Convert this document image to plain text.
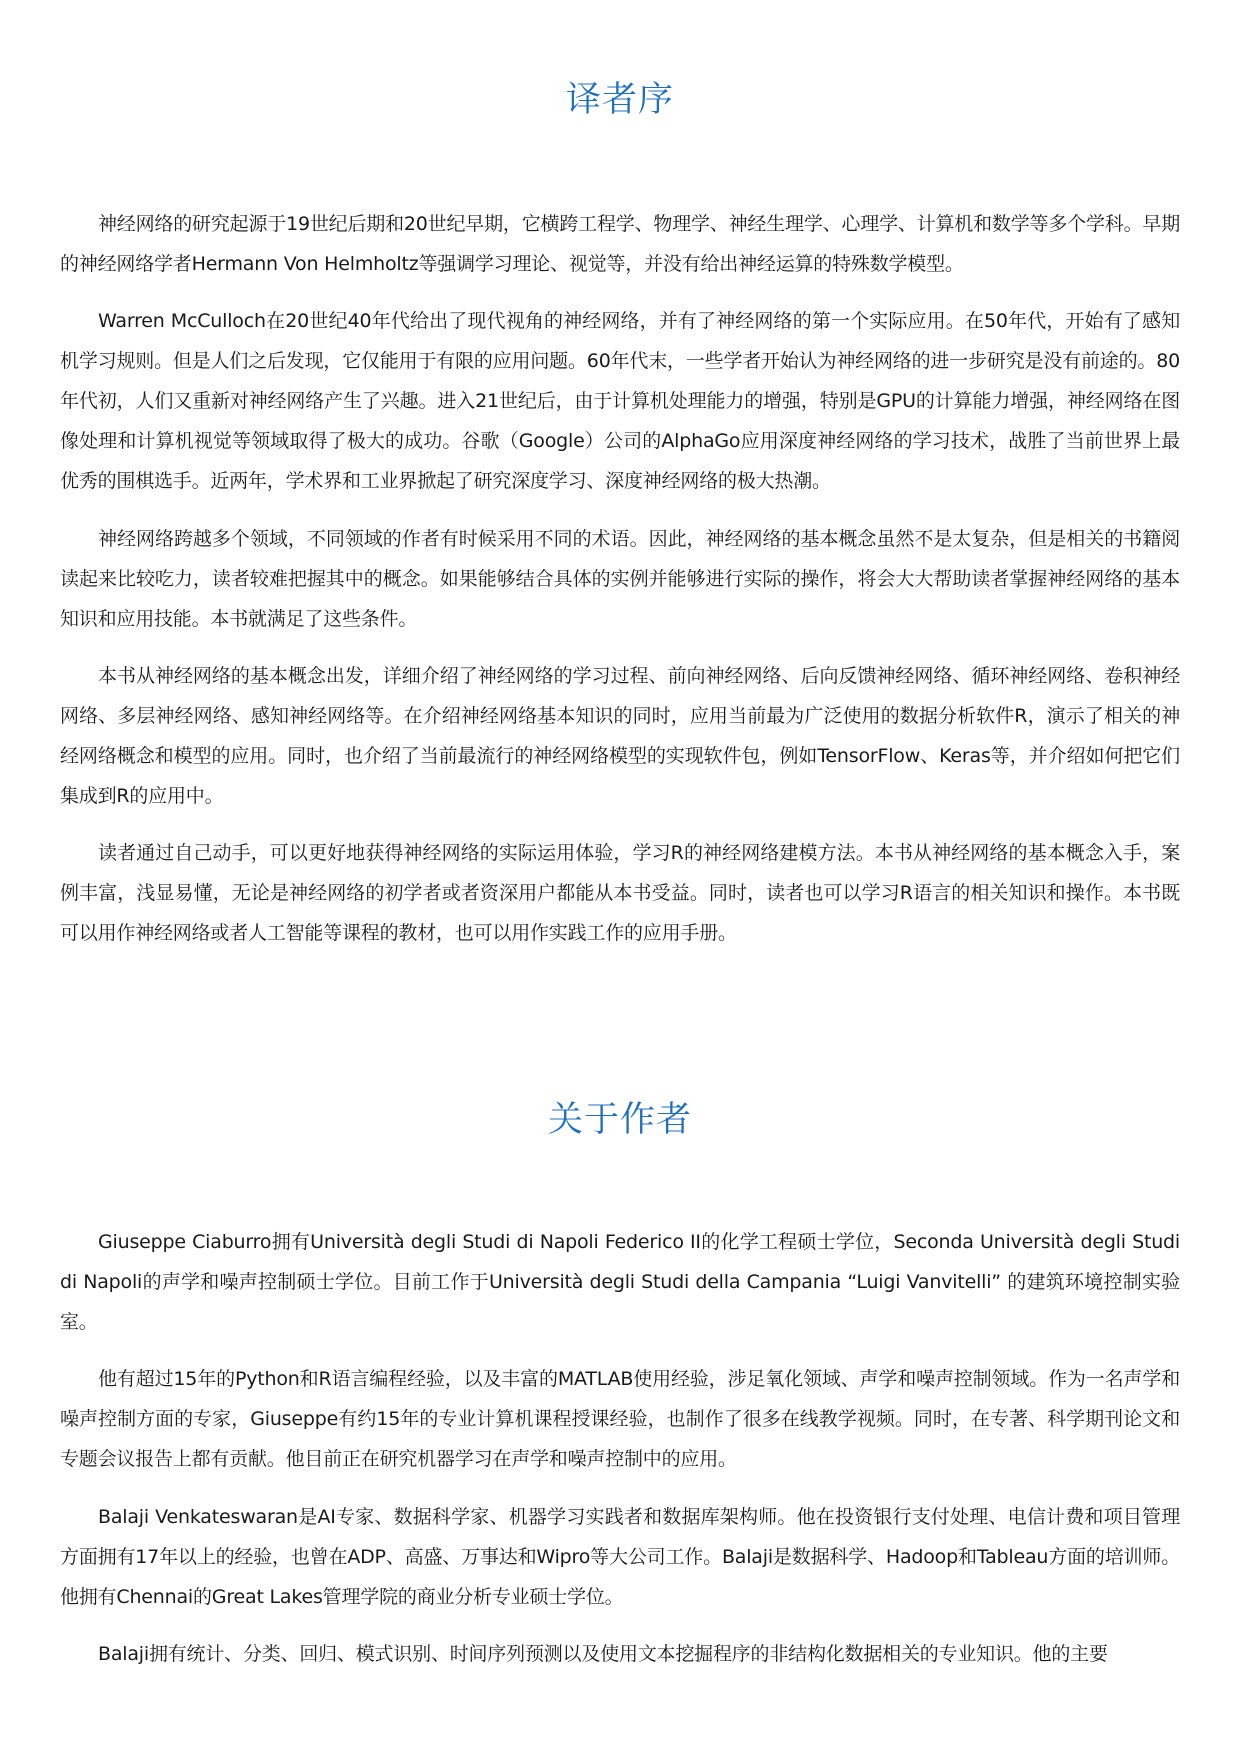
译者序

神经网络的研究起源于19世纪后期和20世纪早期，它横跨工程学、物理学、神经生理学、心理学、计算机和数学等多个学科。早期的神经网络学者Hermann Von Helmholtz等强调学习理论、视觉等，并没有给出神经运算的特殊数学模型。

Warren McCulloch在20世纪40年代给出了现代视角的神经网络，并有了神经网络的第一个实际应用。在50年代，开始有了感知机学习规则。但是人们之后发现，它仅能用于有限的应用问题。60年代末，一些学者开始认为神经网络的进一步研究是没有前途的。80年代初，人们又重新对神经网络产生了兴趣。进入21世纪后，由于计算机处理能力的增强，特别是GPU的计算能力增强，神经网络在图像处理和计算机视觉等领域取得了极大的成功。谷歌（Google）公司的AlphaGo应用深度神经网络的学习技术，战胜了当前世界上最优秀的围棋选手。近两年，学术界和工业界掀起了研究深度学习、深度神经网络的极大热潮。

神经网络跨越多个领域，不同领域的作者有时候采用不同的术语。因此，神经网络的基本概念虽然不是太复杂，但是相关的书籍阅读起来比较吃力，读者较难把握其中的概念。如果能够结合具体的实例并能够进行实际的操作，将会大大帮助读者掌握神经网络的基本知识和应用技能。本书就满足了这些条件。

本书从神经网络的基本概念出发，详细介绍了神经网络的学习过程、前向神经网络、后向反馈神经网络、循环神经网络、卷积神经网络、多层神经网络、感知神经网络等。在介绍神经网络基本知识的同时，应用当前最为广泛使用的数据分析软件R，演示了相关的神经网络概念和模型的应用。同时，也介绍了当前最流行的神经网络模型的实现软件包，例如TensorFlow、Keras等，并介绍如何把它们集成到R的应用中。

读者通过自己动手，可以更好地获得神经网络的实际运用体验，学习R的神经网络建模方法。本书从神经网络的基本概念入手，案例丰富，浅显易懂，无论是神经网络的初学者或者资深用户都能从本书受益。同时，读者也可以学习R语言的相关知识和操作。本书既可以用作神经网络或者人工智能等课程的教材，也可以用作实践工作的应用手册。

关于作者

Giuseppe Ciaburro拥有Università degli Studi di Napoli Federico II的化学工程硕士学位，Seconda Università degli Studi di Napoli的声学和噪声控制硕士学位。目前工作于Università degli Studi della Campania “Luigi Vanvitelli” 的建筑环境控制实验室。

他有超过15年的Python和R语言编程经验，以及丰富的MATLAB使用经验，涉足氧化领域、声学和噪声控制领域。作为一名声学和噪声控制方面的专家，Giuseppe有约15年的专业计算机课程授课经验，也制作了很多在线教学视频。同时，在专著、科学期刊论文和专题会议报告上都有贡献。他目前正在研究机器学习在声学和噪声控制中的应用。

Balaji Venkateswaran是AI专家、数据科学家、机器学习实践者和数据库架构师。他在投资银行支付处理、电信计费和项目管理方面拥有17年以上的经验，也曾在ADP、高盛、万事达和Wipro等大公司工作。Balaji是数据科学、Hadoop和Tableau方面的培训师。他拥有Chennai的Great Lakes管理学院的商业分析专业硕士学位。

Balaji拥有统计、分类、回归、模式识别、时间序列预测以及使用文本挖掘程序的非结构化数据相关的专业知识。他的主要
